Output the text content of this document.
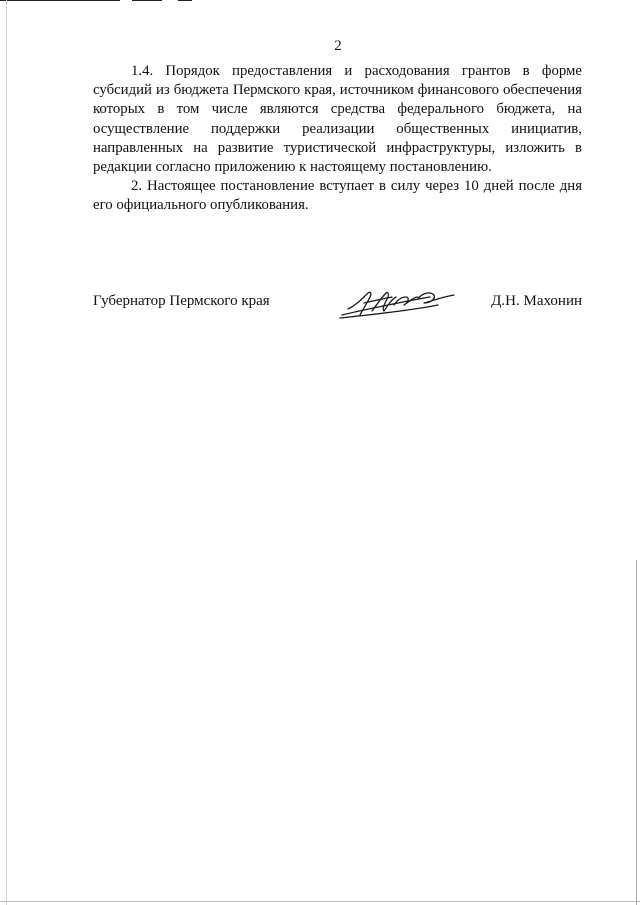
2

1.4. Порядок предоставления и расходования грантов в форме субсидий из бюджета Пермского края, источником финансового обеспечения которых в том числе являются средства федерального бюджета, на осуществление поддержки реализации общественных инициатив, направленных на развитие туристической инфраструктуры, изложить в редакции согласно приложению к настоящему постановлению.

2. Настоящее постановление вступает в силу через 10 дней после дня его официального опубликования.

Губернатор Пермского края	Д.Н. Махонин
